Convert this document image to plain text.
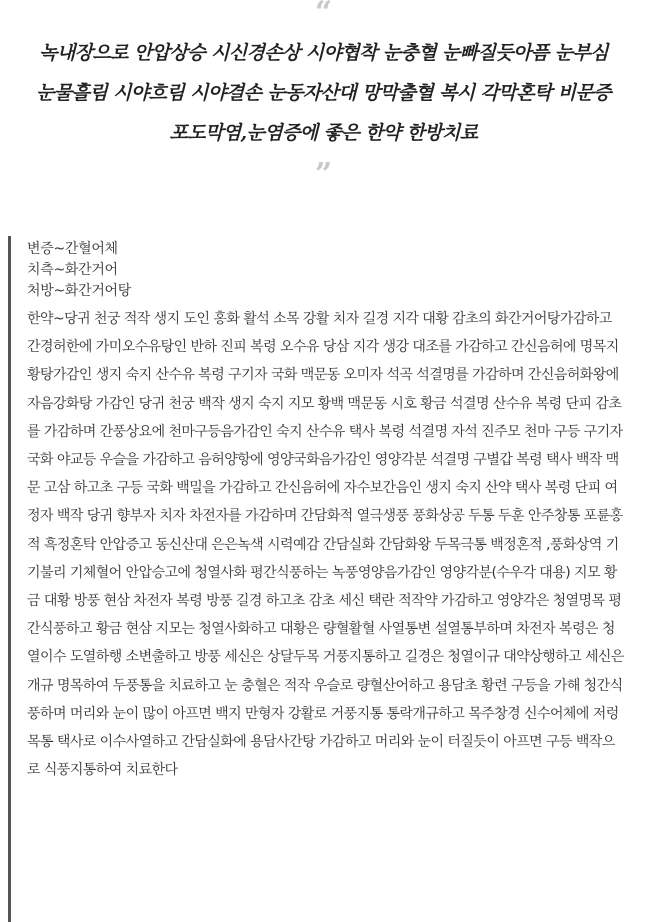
“

녹내장으로 안압상승 시신경손상 시야협착 눈충혈 눈빠질듯아픔 눈부심 눈물흘림 시야흐림 시야결손 눈동자산대 망막출혈 복시 각막혼탁 비문증 포도막염,눈염증에 좋은 한약 한방치료

”

변증~간혈어체

치측~화간거어

처방~화간거어탕

한약~당귀 천궁 적작 생지 도인 홍화 활석 소목 강활 치자 길경 지각 대황 감초의 화간거어탕가감하고 간경허한에 가미오수유탕인 반하 진피 복령 오수유 당삼 지각 생강 대조를 가감하고 간신음허에 명목지황탕가감인 생지 숙지 산수유 복령 구기자 국화 맥문동 오미자 석곡 석결명를 가감하며 간신음허화왕에 자음강화탕 가감인 당귀 천궁 백작 생지 숙지 지모 황백 맥문동 시호 황금 석결명 산수유 복령 단피 감초를 가감하며 간풍상요에 천마구등음가감인 숙지 산수유 택사 복령 석결명 자석 진주모 천마 구등 구기자 국화 야교등 우슬을 가감하고 음허양항에 영양국화음가감인 영양각분 석결명 구별갑 복령 택사 백작 맥문 고삼 하고초 구등 국화 백밀을 가감하고 간신음허에 자수보간음인 생지 숙지 산약 택사 복령 단피 여정자 백작 당귀 향부자 치자 차전자를 가감하며 간담화적 열극생풍 풍화상공 두통 두훈 안주창통 포륜홍적 흑정혼탁 안압증고 동신산대 은은녹색 시력예감 간담실화 간담화왕 두목극통 백정혼적 ,풍화상역 기기불리 기체혈어 안압승고에 청열사화 평간식풍하는 녹풍영양음가감인 영양각분(수우각 대용) 지모 황금 대황 방풍 현삼 차전자 복령 방풍 길경 하고초 감초 세신 택란 적작약 가감하고 영양각은 청열명목 평간식풍하고 황금 현삼 지모는 청열사화하고 대황은 량혈활혈 사열통변 설열통부하며 차전자 복령은 청열이수 도열하행 소변출하고 방풍 세신은 상달두목 거풍지통하고 길경은 청열이규 대약상행하고 세신은 개규 명목하여 두풍통을 치료하고 눈 충혈은 적작 우슬로 량혈산어하고 용담초 황련 구등을 가해 청간식풍하며 머리와 눈이 많이 아프면 백지 만형자 강활로 거풍지통 통락개규하고 목주창경 신수어체에 저렁 목통 택사로 이수사열하고 간담실화에 용담사간탕 가감하고 머리와 눈이 터질듯이 아프면 구등 백작으로 식풍지통하여 치료한다
